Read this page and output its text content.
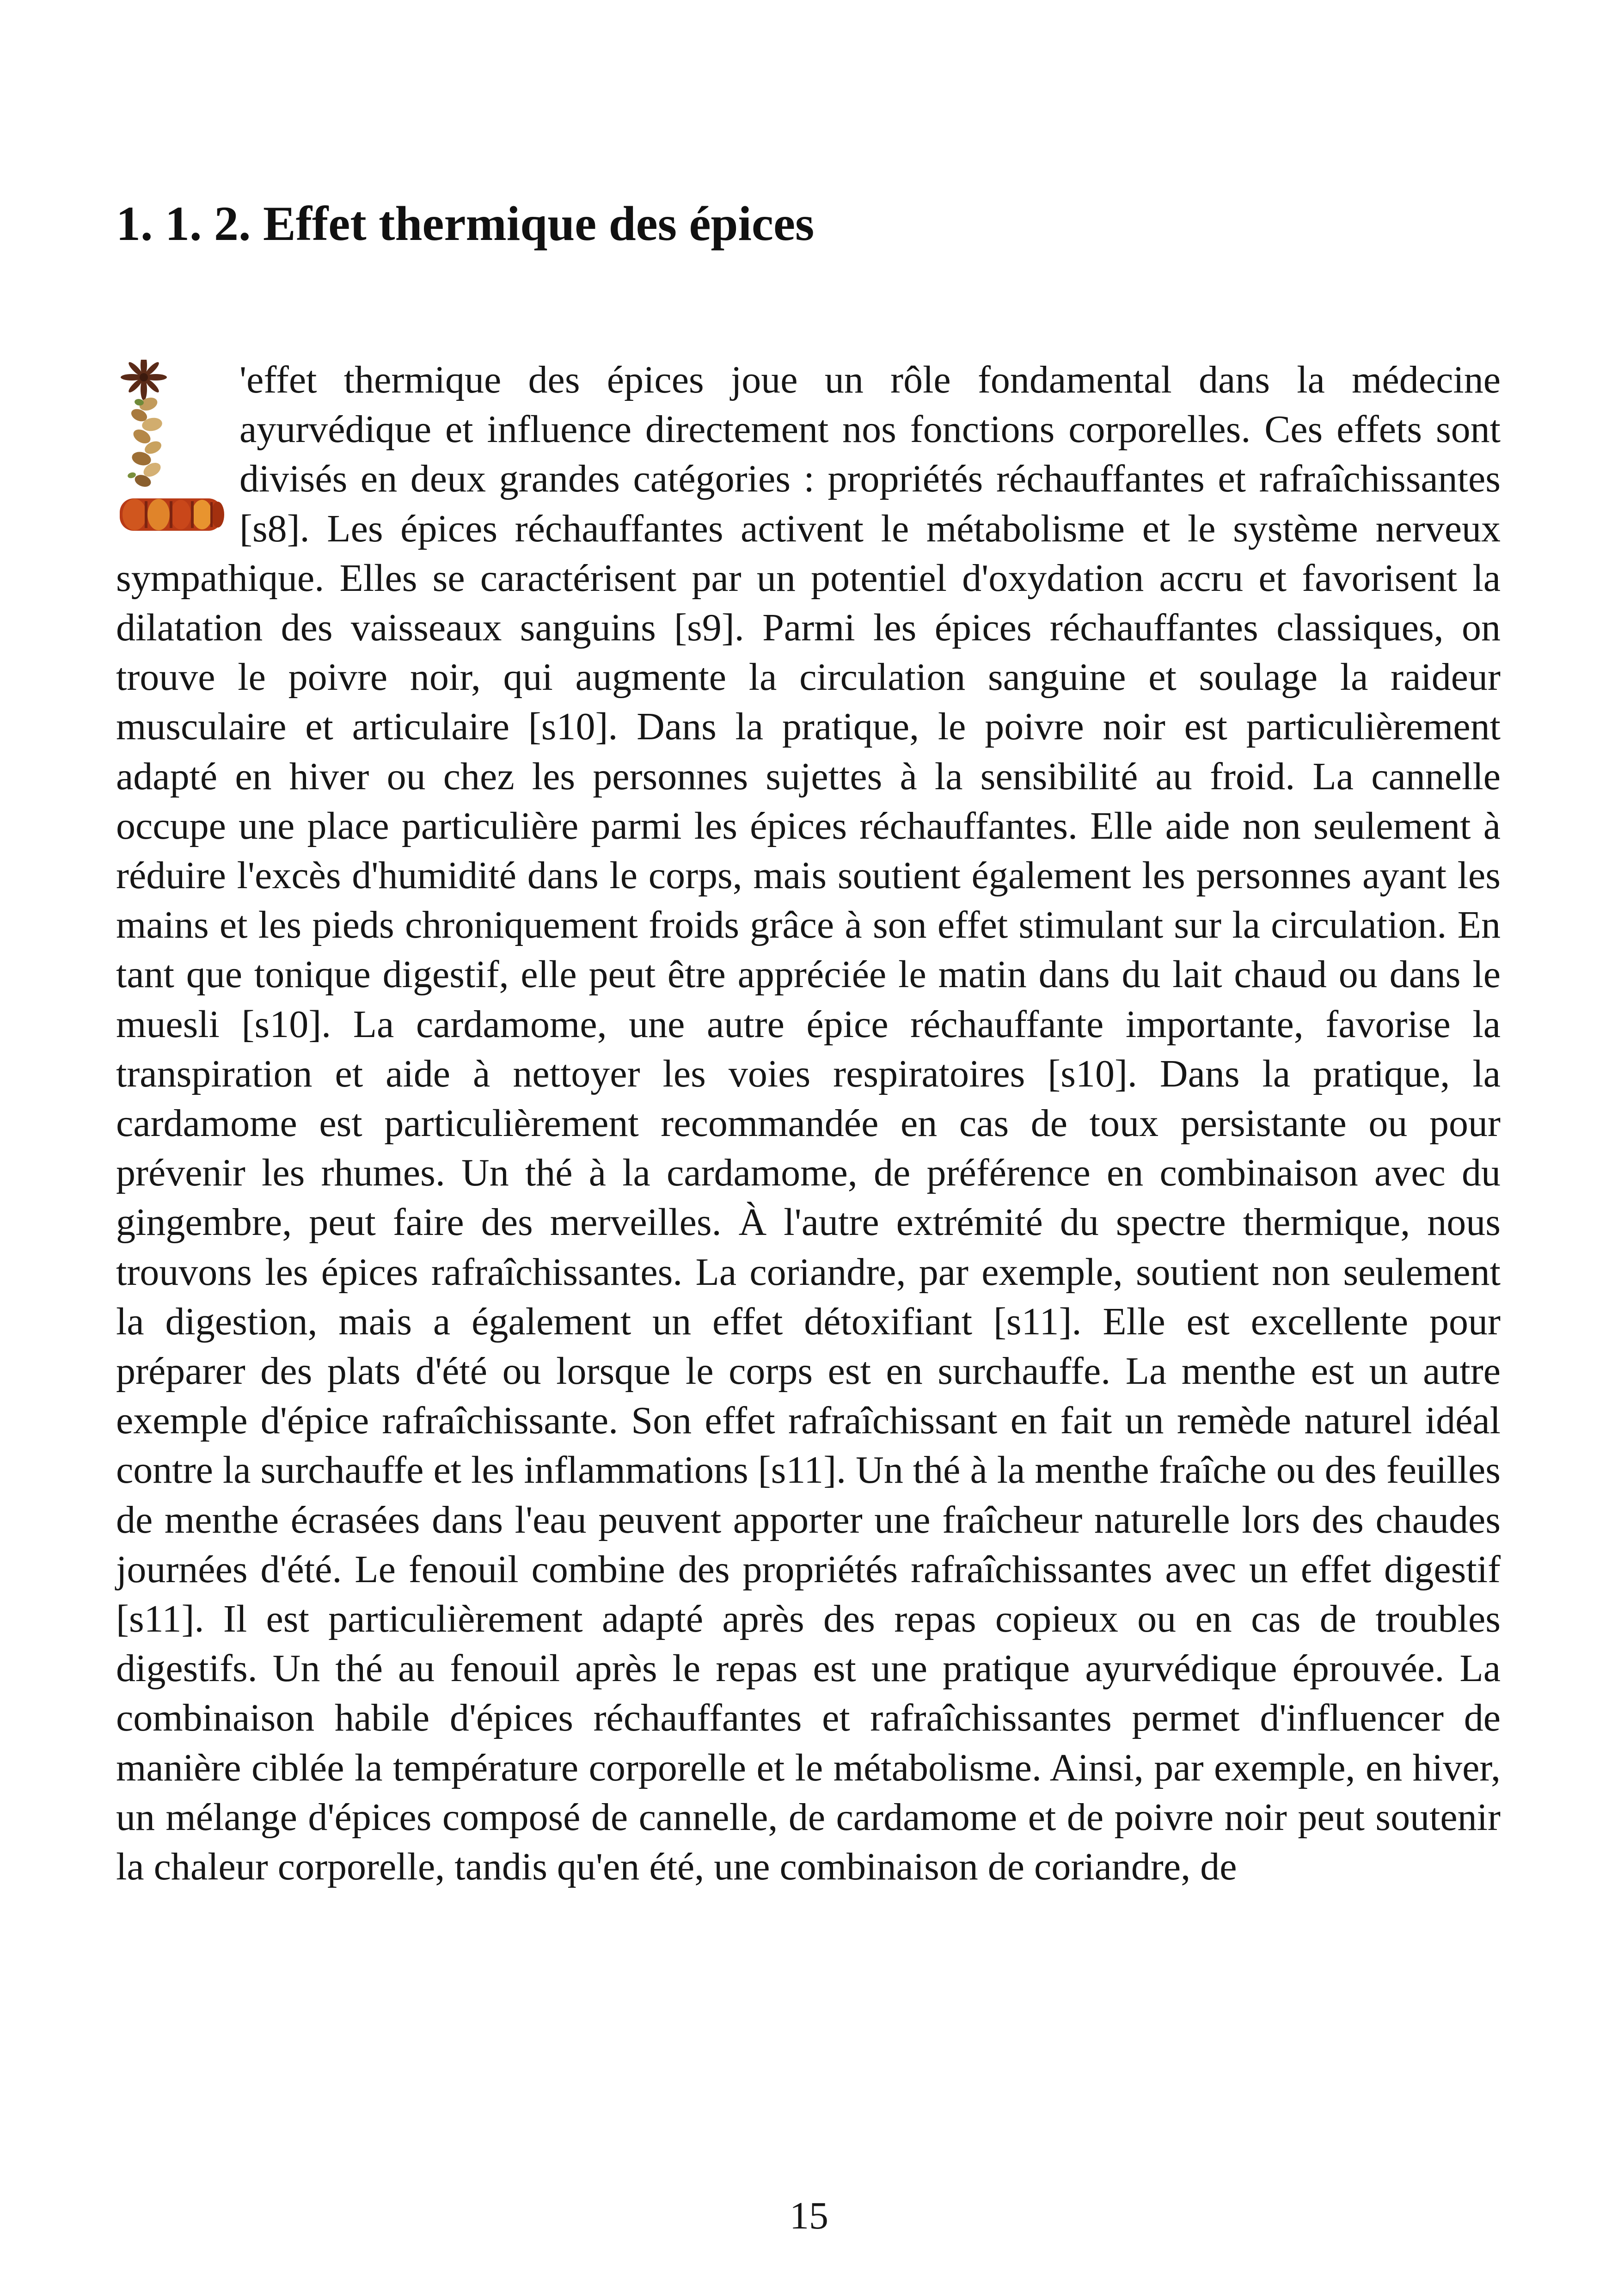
1. 1. 2. Effet thermique des épices

'effet thermique des épices joue un rôle fondamental dans la médecine ayurvédique et influence directement nos fonctions corporelles. Ces effets sont divisés en deux grandes catégories : propriétés réchauffantes et rafraîchissantes [s8]. Les épices réchauffantes activent le métabolisme et le système nerveux sympathique. Elles se caractérisent par un potentiel d'oxydation accru et favorisent la dilatation des vaisseaux sanguins [s9]. Parmi les épices réchauffantes classiques, on trouve le poivre noir, qui augmente la circulation sanguine et soulage la raideur musculaire et articulaire [s10]. Dans la pratique, le poivre noir est particulièrement adapté en hiver ou chez les personnes sujettes à la sensibilité au froid. La cannelle occupe une place particulière parmi les épices réchauffantes. Elle aide non seulement à réduire l'excès d'humidité dans le corps, mais soutient également les personnes ayant les mains et les pieds chroniquement froids grâce à son effet stimulant sur la circulation. En tant que tonique digestif, elle peut être appréciée le matin dans du lait chaud ou dans le muesli [s10]. La cardamome, une autre épice réchauffante importante, favorise la transpiration et aide à nettoyer les voies respiratoires [s10]. Dans la pratique, la cardamome est particulièrement recommandée en cas de toux persistante ou pour prévenir les rhumes. Un thé à la cardamome, de préférence en combinaison avec du gingembre, peut faire des merveilles. À l'autre extrémité du spectre thermique, nous trouvons les épices rafraîchissantes. La coriandre, par exemple, soutient non seulement la digestion, mais a également un effet détoxifiant [s11]. Elle est excellente pour préparer des plats d'été ou lorsque le corps est en surchauffe. La menthe est un autre exemple d'épice rafraîchissante. Son effet rafraîchissant en fait un remède naturel idéal contre la surchauffe et les inflammations [s11]. Un thé à la menthe fraîche ou des feuilles de menthe écrasées dans l'eau peuvent apporter une fraîcheur naturelle lors des chaudes journées d'été. Le fenouil combine des propriétés rafraîchissantes avec un effet digestif [s11]. Il est particulièrement adapté après des repas copieux ou en cas de troubles digestifs. Un thé au fenouil après le repas est une pratique ayurvédique éprouvée. La combinaison habile d'épices réchauffantes et rafraîchissantes permet d'influencer de manière ciblée la température corporelle et le métabolisme. Ainsi, par exemple, en hiver, un mélange d'épices composé de cannelle, de cardamome et de poivre noir peut soutenir la chaleur corporelle, tandis qu'en été, une combinaison de coriandre, de

15
